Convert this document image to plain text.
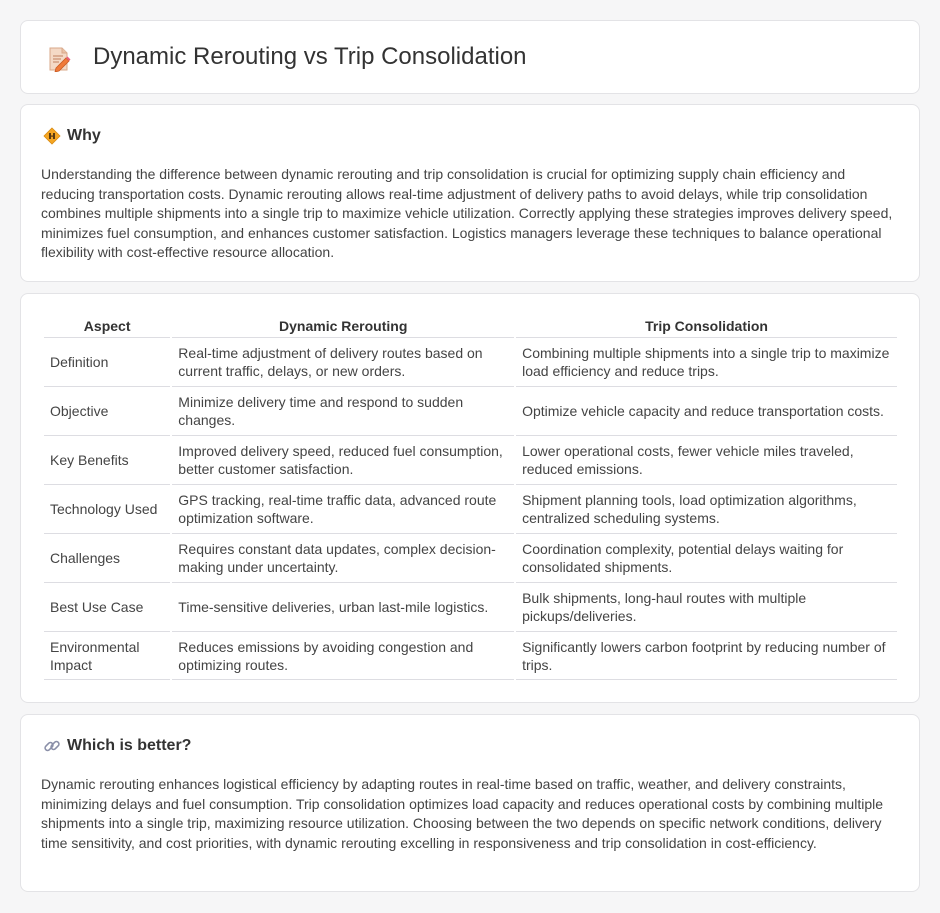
Dynamic Rerouting vs Trip Consolidation
Why

Understanding the difference between dynamic rerouting and trip consolidation is crucial for optimizing supply chain efficiency and reducing transportation costs. Dynamic rerouting allows real-time adjustment of delivery paths to avoid delays, while trip consolidation combines multiple shipments into a single trip to maximize vehicle utilization. Correctly applying these strategies improves delivery speed, minimizes fuel consumption, and enhances customer satisfaction. Logistics managers leverage these techniques to balance operational flexibility with cost-effective resource allocation.

Aspect	Dynamic Rerouting	Trip Consolidation
Definition	Real-time adjustment of delivery routes based on current traffic, delays, or new orders.	Combining multiple shipments into a single trip to maximize load efficiency and reduce trips.
Objective	Minimize delivery time and respond to sudden changes.	Optimize vehicle capacity and reduce transportation costs.
Key Benefits	Improved delivery speed, reduced fuel consumption, better customer satisfaction.	Lower operational costs, fewer vehicle miles traveled, reduced emissions.
Technology Used	GPS tracking, real-time traffic data, advanced route optimization software.	Shipment planning tools, load optimization algorithms, centralized scheduling systems.
Challenges	Requires constant data updates, complex decision-making under uncertainty.	Coordination complexity, potential delays waiting for consolidated shipments.
Best Use Case	Time-sensitive deliveries, urban last-mile logistics.	Bulk shipments, long-haul routes with multiple pickups/deliveries.
Environmental Impact	Reduces emissions by avoiding congestion and optimizing routes.	Significantly lowers carbon footprint by reducing number of trips.
Which is better?

Dynamic rerouting enhances logistical efficiency by adapting routes in real-time based on traffic, weather, and delivery constraints, minimizing delays and fuel consumption. Trip consolidation optimizes load capacity and reduces operational costs by combining multiple shipments into a single trip, maximizing resource utilization. Choosing between the two depends on specific network conditions, delivery time sensitivity, and cost priorities, with dynamic rerouting excelling in responsiveness and trip consolidation in cost-efficiency.
